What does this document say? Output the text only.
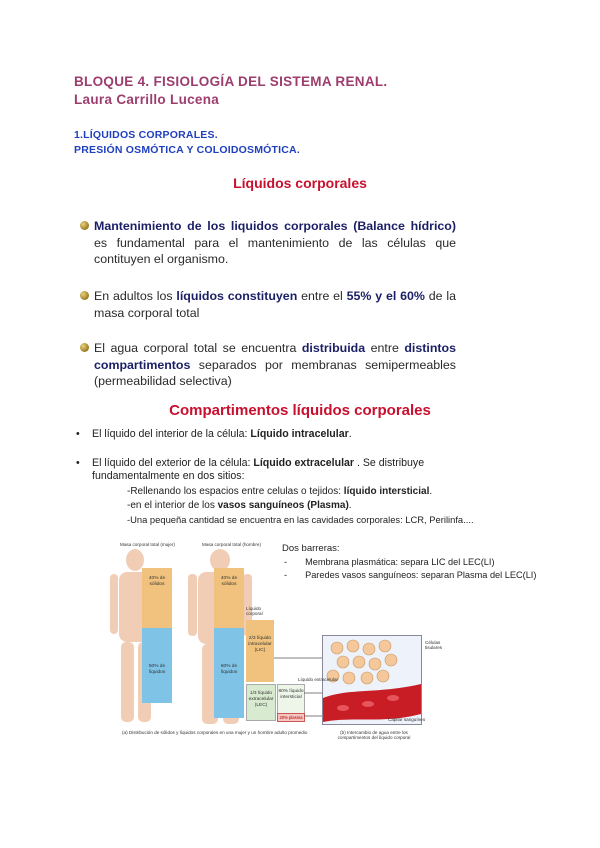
BLOQUE 4. FISIOLOGÍA DEL SISTEMA RENAL.
Laura Carrillo Lucena
1.LÍQUIDOS CORPORALES.
PRESIÓN OSMÓTICA Y COLOIDOSMÓTICA.
Líquidos corporales
Mantenimiento de los liquidos corporales (Balance hídrico) es fundamental para el mantenimiento de las células que contituyen el organismo.
En adultos los líquidos constituyen entre el 55% y el 60% de la masa corporal total
El agua corporal total se encuentra distribuida entre distintos compartimentos separados por membranas semipermeables (permeabilidad selectiva)
Compartimentos líquidos corporales
• El líquido del interior de la célula: Líquido intracelular.
• El líquido del exterior de la célula: Líquido extracelular . Se distribuye fundamentalmente en dos sitios:
-Rellenando los espacios entre celulas o tejidos: líquido intersticial.
-en el interior de los vasos sanguíneos (Plasma).
-Una pequeña cantidad se encuentra en las cavidades corporales: LCR, Perilinfa....
Dos barreras:
- Membrana plasmática: separa LIC del LEC(LI)
- Paredes vasos sanguíneos: separan Plasma del LEC(LI)
Masa corporal total (mujer)	Masa corporal total (hombre)
40% de sólidos
50% de líquidos
40% de sólidos
60% de líquidos
Líquido corporal
2/3 líquido intracelular (LIC)
1/3 líquido extracelular (LEC)
80% líquido intersticial
20% plasma
Células tisulares
Líquido extracelular
Capilar sanguíneo
(a) Distribución de sólidos y líquidos corporales en una mujer y un hombre adulto promedio	(b) Intercambio de agua entre los compartimentos del líquido corporal
